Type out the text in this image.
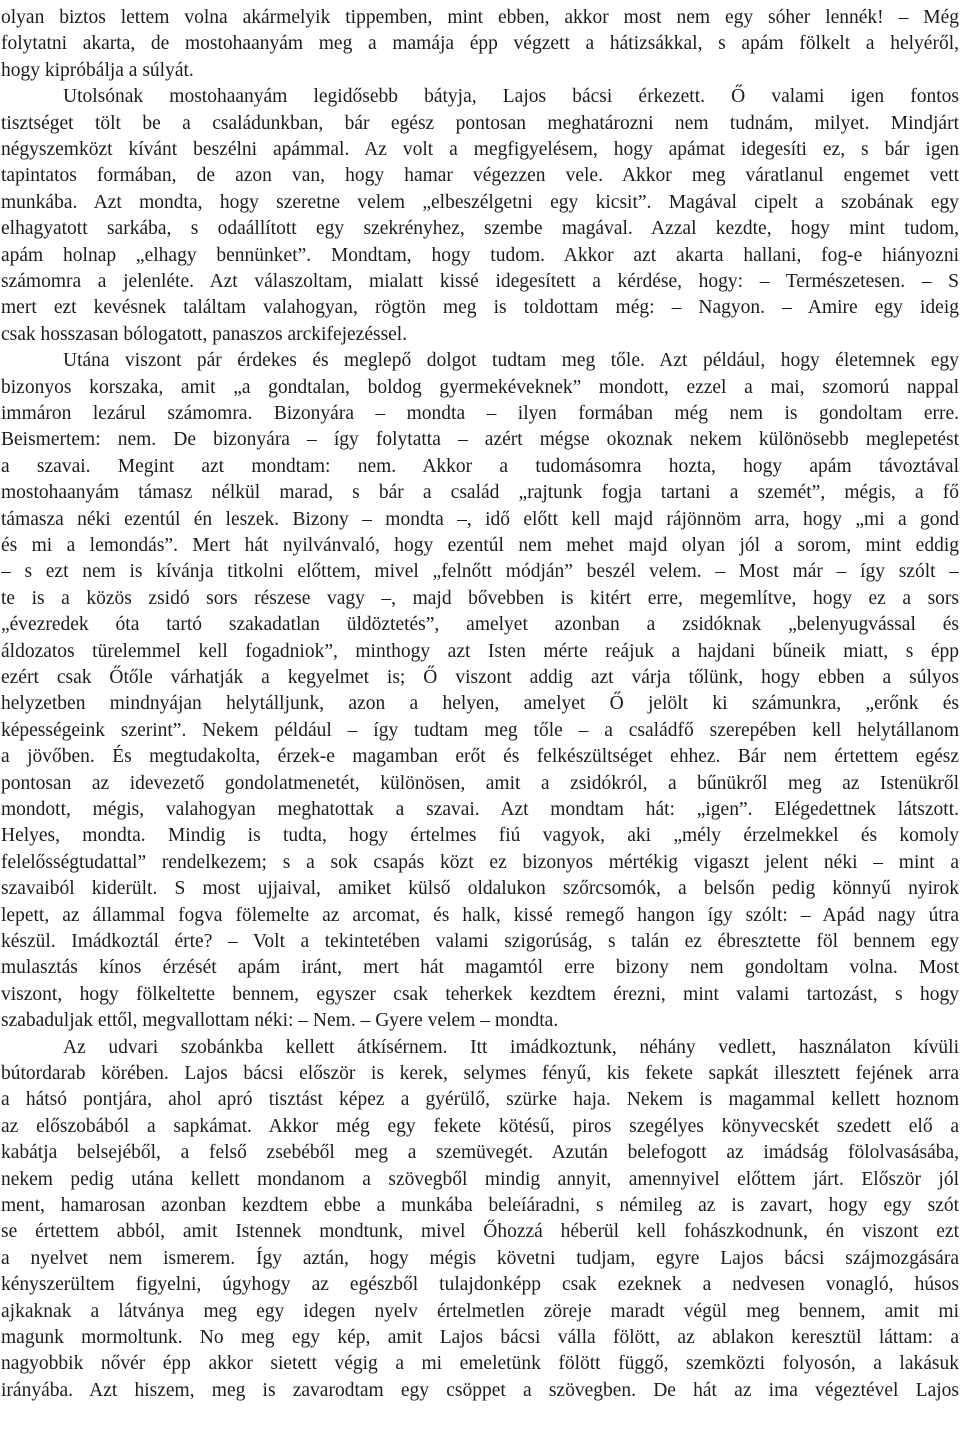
olyan biztos lettem volna akármelyik tippemben, mint ebben, akkor most nem egy sóher lennék! – Még
folytatni akarta, de mostohaanyám meg a mamája épp végzett a hátizsákkal, s apám fölkelt a helyéről,
hogy kipróbálja a súlyát.
Utolsónak mostohaanyám legidősebb bátyja, Lajos bácsi érkezett. Ő valami igen fontos
tisztséget tölt be a családunkban, bár egész pontosan meghatározni nem tudnám, milyet. Mindjárt
négyszemközt kívánt beszélni apámmal. Az volt a megfigyelésem, hogy apámat idegesíti ez, s bár igen
tapintatos formában, de azon van, hogy hamar végezzen vele. Akkor meg váratlanul engemet vett
munkába. Azt mondta, hogy szeretne velem „elbeszélgetni egy kicsit”. Magával cipelt a szobának egy
elhagyatott sarkába, s odaállított egy szekrényhez, szembe magával. Azzal kezdte, hogy mint tudom,
apám holnap „elhagy bennünket”. Mondtam, hogy tudom. Akkor azt akarta hallani, fog-e hiányozni
számomra a jelenléte. Azt válaszoltam, mialatt kissé idegesített a kérdése, hogy: – Természetesen. – S
mert ezt kevésnek találtam valahogyan, rögtön meg is toldottam még: – Nagyon. – Amire egy ideig
csak hosszasan bólogatott, panaszos arckifejezéssel.
Utána viszont pár érdekes és meglepő dolgot tudtam meg tőle. Azt például, hogy életemnek egy
bizonyos korszaka, amit „a gondtalan, boldog gyermekéveknek” mondott, ezzel a mai, szomorú nappal
immáron lezárul számomra. Bizonyára – mondta – ilyen formában még nem is gondoltam erre.
Beismertem: nem. De bizonyára – így folytatta – azért mégse okoznak nekem különösebb meglepetést
a szavai. Megint azt mondtam: nem. Akkor a tudomásomra hozta, hogy apám távoztával
mostohaanyám támasz nélkül marad, s bár a család „rajtunk fogja tartani a szemét”, mégis, a fő
támasza néki ezentúl én leszek. Bizony – mondta –, idő előtt kell majd rájönnöm arra, hogy „mi a gond
és mi a lemondás”. Mert hát nyilvánvaló, hogy ezentúl nem mehet majd olyan jól a sorom, mint eddig
– s ezt nem is kívánja titkolni előttem, mivel „felnőtt módján” beszél velem. – Most már – így szólt –
te is a közös zsidó sors részese vagy –, majd bővebben is kitért erre, megemlítve, hogy ez a sors
„évezredek óta tartó szakadatlan üldöztetés”, amelyet azonban a zsidóknak „belenyugvással és
áldozatos türelemmel kell fogadniok”, minthogy azt Isten mérte reájuk a hajdani bűneik miatt, s épp
ezért csak Őtőle várhatják a kegyelmet is; Ő viszont addig azt várja tőlünk, hogy ebben a súlyos
helyzetben mindnyájan helytálljunk, azon a helyen, amelyet Ő jelölt ki számunkra, „erőnk és
képességeink szerint”. Nekem például – így tudtam meg tőle – a családfő szerepében kell helytállanom
a jövőben. És megtudakolta, érzek-e magamban erőt és felkészültséget ehhez. Bár nem értettem egész
pontosan az idevezető gondolatmenetét, különösen, amit a zsidókról, a bűnükről meg az Istenükről
mondott, mégis, valahogyan meghatottak a szavai. Azt mondtam hát: „igen”. Elégedettnek látszott.
Helyes, mondta. Mindig is tudta, hogy értelmes fiú vagyok, aki „mély érzelmekkel és komoly
felelősségtudattal” rendelkezem; s a sok csapás közt ez bizonyos mértékig vigaszt jelent néki – mint a
szavaiból kiderült. S most ujjaival, amiket külső oldalukon szőrcsomók, a belsőn pedig könnyű nyirok
lepett, az állammal fogva fölemelte az arcomat, és halk, kissé remegő hangon így szólt: – Apád nagy útra
készül. Imádkoztál érte? – Volt a tekintetében valami szigorúság, s talán ez ébresztette föl bennem egy
mulasztás kínos érzését apám iránt, mert hát magamtól erre bizony nem gondoltam volna. Most
viszont, hogy fölkeltette bennem, egyszer csak teherkek kezdtem érezni, mint valami tartozást, s hogy
szabaduljak ettől, megvallottam néki: – Nem. – Gyere velem – mondta.
Az udvari szobánkba kellett átkísérnem. Itt imádkoztunk, néhány vedlett, használaton kívüli
bútordarab körében. Lajos bácsi először is kerek, selymes fényű, kis fekete sapkát illesztett fejének arra
a hátsó pontjára, ahol apró tisztást képez a gyérülő, szürke haja. Nekem is magammal kellett hoznom
az előszobából a sapkámat. Akkor még egy fekete kötésű, piros szegélyes könyvecskét szedett elő a
kabátja belsejéből, a felső zsebéből meg a szemüvegét. Azután belefogott az imádság fölolvasásába,
nekem pedig utána kellett mondanom a szövegből mindig annyit, amennyivel előttem járt. Először jól
ment, hamarosan azonban kezdtem ebbe a munkába beleíáradni, s némileg az is zavart, hogy egy szót
se értettem abból, amit Istennek mondtunk, mivel Őhozzá héberül kell fohászkodnunk, én viszont ezt
a nyelvet nem ismerem. Így aztán, hogy mégis követni tudjam, egyre Lajos bácsi szájmozgására
kényszerültem figyelni, úgyhogy az egészből tulajdonképp csak ezeknek a nedvesen vonagló, húsos
ajkaknak a látványa meg egy idegen nyelv értelmetlen zöreje maradt végül meg bennem, amit mi
magunk mormoltunk. No meg egy kép, amit Lajos bácsi válla fölött, az ablakon keresztül láttam: a
nagyobbik nővér épp akkor sietett végig a mi emeletünk fölött függő, szemközti folyosón, a lakásuk
irányába. Azt hiszem, meg is zavarodtam egy csöppet a szövegben. De hát az ima végeztével Lajos
